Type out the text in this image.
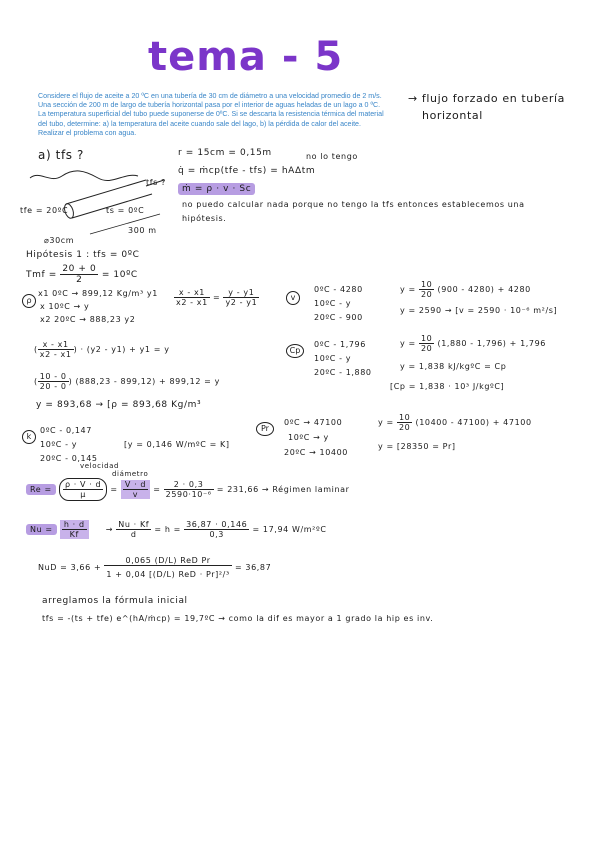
tema - 5
Considere el flujo de aceite a 20 ºC en una tubería de 30 cm de diámetro a una velocidad promedio de 2 m/s. Una sección de 200 m de largo de tubería horizontal pasa por el interior de aguas heladas de un lago a 0 ºC. La temperatura superficial del tubo puede suponerse de 0ºC. Si se descarta la resistencia térmica del material del tubo, determine: a) la temperatura del aceite cuando sale del lago, b) la pérdida de calor del aceite. Realizar el problema con agua.
→ flujo forzado en tubería
horizontal
a) tfs ?	r = 15cm = 0,15m	no lo tengo
q̇ = ṁcp(tfe - tfs) = hAΔtm
ṁ = ρ · v · Sc
no puedo calcular nada porque no tengo la tfs entonces establecemos una
hipótesis.
tfs ?
tfe = 20ºC	ts = 0ºC
⌀30cm
300 m
Hipótesis 1 : tfs = 0ºC
Tmf = $\frac{20 + 0}{2}$ = 10ºC
ρ
x1 0ºC → 899,12 Kg/m³ y1
x 10ºC → y
x2 20ºC → 888,23 y2
$\frac{x - x1}{x2 - x1} = \frac{y - y1}{y2 - y1}$
( $\frac{x - x1}{x2 - x1}$ ) · (y2 - y1) + y1 = y
( $\frac{10 - 0}{20 - 0}$ ) (888,23 - 899,12) + 899,12 = y
y = 893,68 → [ρ = 893,68 Kg/m³
v
0ºC - 4280
10ºC - y
20ºC - 900
$y = \frac{10}{20} (900 - 4280) + 4280$
y = 2590 → [v = 2590 · 10⁻⁶ m²/s]
Cp
0ºC - 1,796
10ºC - y
20ºC - 1,880
$y = \frac{10}{20} (1,880 - 1,796) + 1,796$
y = 1,838 kJ/kgºC = Cp
[Cp = 1,838 · 10³ J/kgºC]
Pr
0ºC → 47100
10ºC → y
20ºC → 10400
$y = \frac{10}{20} (10400 - 47100) + 47100$
y = [28350 = Pr]
k
0ºC - 0,147
10ºC - y
20ºC - 0,145
[y = 0,146 W/mºC = K]
velocidad
diámetro
$Re = \frac{\rho \cdot V \cdot d}{\mu} = \frac{V \cdot d}{v} = \frac{2 \cdot 0,3}{\text{2590·10⁻⁶}} = 231,66$ → Régimen laminar
$Nu = \frac{h \cdot d}{Kf} \to \frac{Nu \cdot Kf}{d} = h = \frac{36,87 \cdot 0,146}{0,3} = 17,94$ W/m²ºC
NuD = $3,66 + \frac{\text{0,065 (D/L) ReD Pr}}{\text{1 + 0,04 [(D/L) ReD · Pr]²/³}} = 36,87$
arreglamos la fórmula inicial
tfs = -(ts + tfe) e^(hA/ṁcp) = 19,7ºC → como la dif es mayor a 1 grado la hip es inv.
